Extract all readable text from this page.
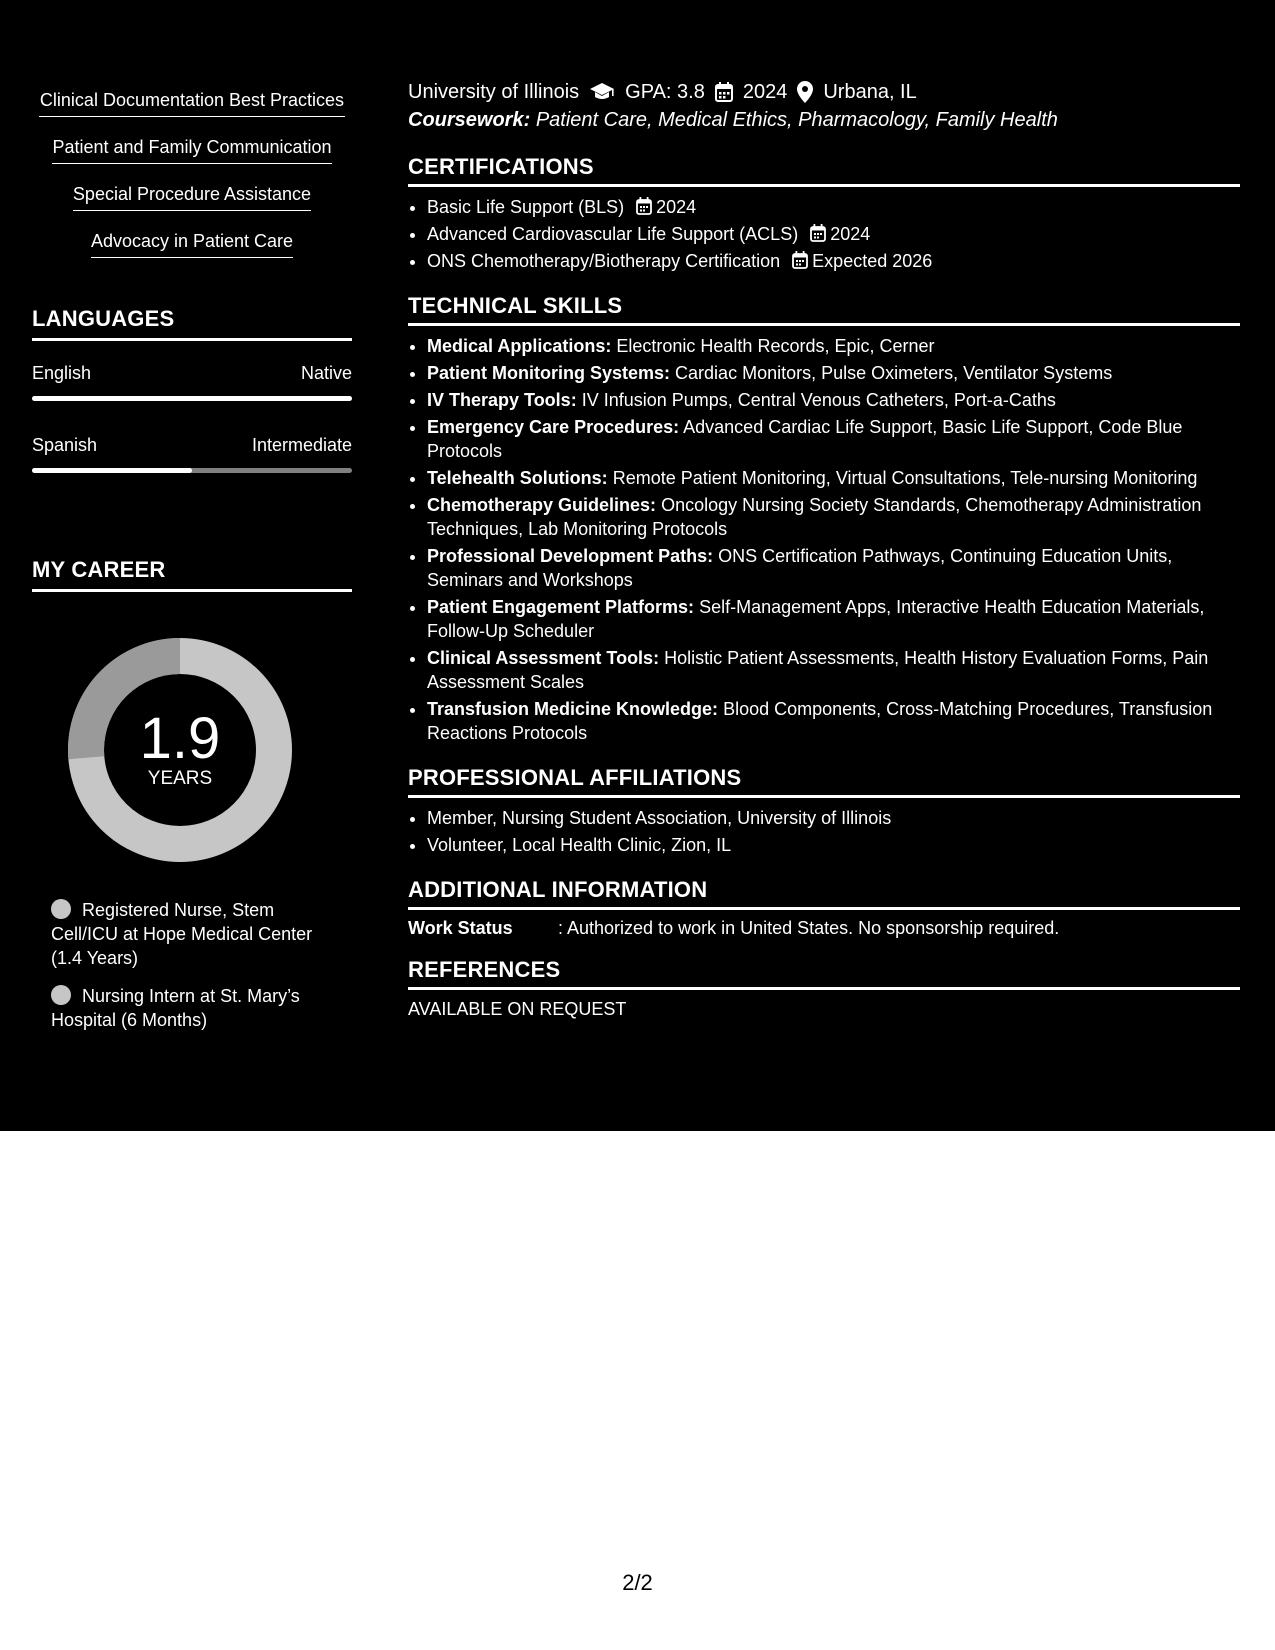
Clinical Documentation Best Practices
Patient and Family Communication
Special Procedure Assistance
Advocacy in Patient Care
LANGUAGES
English	Native
Spanish	Intermediate
MY CAREER
1.9
YEARS
Registered Nurse, Stem Cell/ICU at Hope Medical Center (1.4 Years)
Nursing Intern at St. Mary’s Hospital (6 Months)
University of Illinois GPA: 3.8 2024 Urbana, IL
Coursework: Patient Care, Medical Ethics, Pharmacology, Family Health
CERTIFICATIONS
• Basic Life Support (BLS) 2024
• Advanced Cardiovascular Life Support (ACLS) 2024
• ONS Chemotherapy/Biotherapy Certification Expected 2026
TECHNICAL SKILLS
• Medical Applications: Electronic Health Records, Epic, Cerner
• Patient Monitoring Systems: Cardiac Monitors, Pulse Oximeters, Ventilator Systems
• IV Therapy Tools: IV Infusion Pumps, Central Venous Catheters, Port-a-Caths
• Emergency Care Procedures: Advanced Cardiac Life Support, Basic Life Support, Code Blue Protocols
• Telehealth Solutions: Remote Patient Monitoring, Virtual Consultations, Tele-nursing Monitoring
• Chemotherapy Guidelines: Oncology Nursing Society Standards, Chemotherapy Administration Techniques, Lab Monitoring Protocols
• Professional Development Paths: ONS Certification Pathways, Continuing Education Units, Seminars and Workshops
• Patient Engagement Platforms: Self-Management Apps, Interactive Health Education Materials, Follow-Up Scheduler
• Clinical Assessment Tools: Holistic Patient Assessments, Health History Evaluation Forms, Pain Assessment Scales
• Transfusion Medicine Knowledge: Blood Components, Cross-Matching Procedures, Transfusion Reactions Protocols
PROFESSIONAL AFFILIATIONS
• Member, Nursing Student Association, University of Illinois
• Volunteer, Local Health Clinic, Zion, IL
ADDITIONAL INFORMATION
Work Status	: Authorized to work in United States. No sponsorship required.
REFERENCES
AVAILABLE ON REQUEST
2/2
